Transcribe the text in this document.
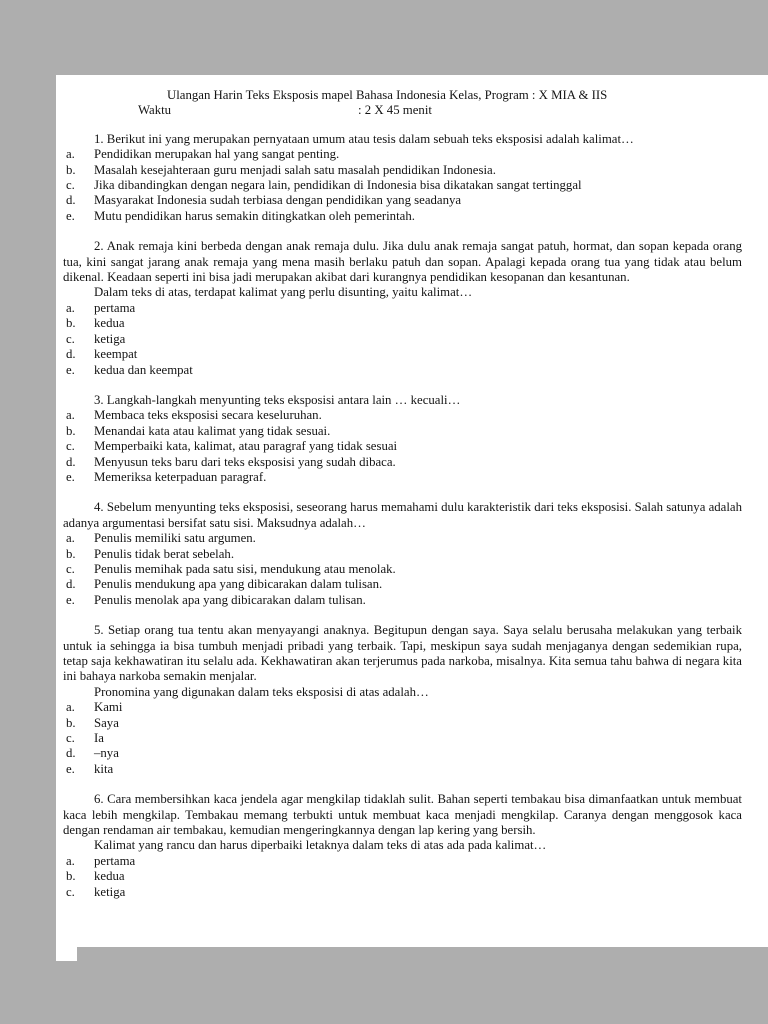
Ulangan Harin Teks Eksposis mapel Bahasa Indonesia Kelas, Program : X MIA & IIS
Waktu	: 2 X 45 menit

1. Berikut ini yang merupakan pernyataan umum atau tesis dalam sebuah teks eksposisi adalah kalimat…

a.	Pendidikan merupakan hal yang sangat penting.
b.	Masalah kesejahteraan guru menjadi salah satu masalah pendidikan Indonesia.
c.	Jika dibandingkan dengan negara lain, pendidikan di Indonesia bisa dikatakan sangat tertinggal
d.	Masyarakat Indonesia sudah terbiasa dengan pendidikan yang seadanya
e.	Mutu pendidikan harus semakin ditingkatkan oleh pemerintah.

2. Anak remaja kini berbeda dengan anak remaja dulu. Jika dulu anak remaja sangat patuh, hormat, dan sopan kepada orang tua, kini sangat jarang anak remaja yang mena masih berlaku patuh dan sopan. Apalagi kepada orang tua yang tidak atau belum dikenal. Keadaan seperti ini bisa jadi merupakan akibat dari kurangnya pendidikan kesopanan dan kesantunan.

Dalam teks di atas, terdapat kalimat yang perlu disunting, yaitu kalimat…

a.	pertama
b.	kedua
c.	ketiga
d.	keempat
e.	kedua dan keempat

3. Langkah-langkah menyunting teks eksposisi antara lain … kecuali…

a.	Membaca teks eksposisi secara keseluruhan.
b.	Menandai kata atau kalimat yang tidak sesuai.
c.	Memperbaiki kata, kalimat, atau paragraf yang tidak sesuai
d.	Menyusun teks baru dari teks eksposisi yang sudah dibaca.
e.	Memeriksa keterpaduan paragraf.

4. Sebelum menyunting teks eksposisi, seseorang harus memahami dulu karakteristik dari teks eksposisi. Salah satunya adalah adanya argumentasi bersifat satu sisi. Maksudnya adalah…

a.	Penulis memiliki satu argumen.
b.	Penulis tidak berat sebelah.
c.	Penulis memihak pada satu sisi, mendukung atau menolak.
d.	Penulis mendukung apa yang dibicarakan dalam tulisan.
e.	Penulis menolak apa yang dibicarakan dalam tulisan.

5. Setiap orang tua tentu akan menyayangi anaknya. Begitupun dengan saya. Saya selalu berusaha melakukan yang terbaik untuk ia sehingga ia bisa tumbuh menjadi pribadi yang terbaik. Tapi, meskipun saya sudah menjaganya dengan sedemikian rupa, tetap saja kekhawatiran itu selalu ada. Kekhawatiran akan terjerumus pada narkoba, misalnya. Kita semua tahu bahwa di negara kita ini bahaya narkoba semakin menjalar.

Pronomina yang digunakan dalam teks eksposisi di atas adalah…

a.	Kami
b.	Saya
c.	Ia
d.	–nya
e.	kita

6. Cara membersihkan kaca jendela agar mengkilap tidaklah sulit. Bahan seperti tembakau bisa dimanfaatkan untuk membuat kaca lebih mengkilap. Tembakau memang terbukti untuk membuat kaca menjadi mengkilap. Caranya dengan menggosok kaca dengan rendaman air tembakau, kemudian mengeringkannya dengan lap kering yang bersih.

Kalimat yang rancu dan harus diperbaiki letaknya dalam teks di atas ada pada kalimat…

a.	pertama
b.	kedua
c.	ketiga
